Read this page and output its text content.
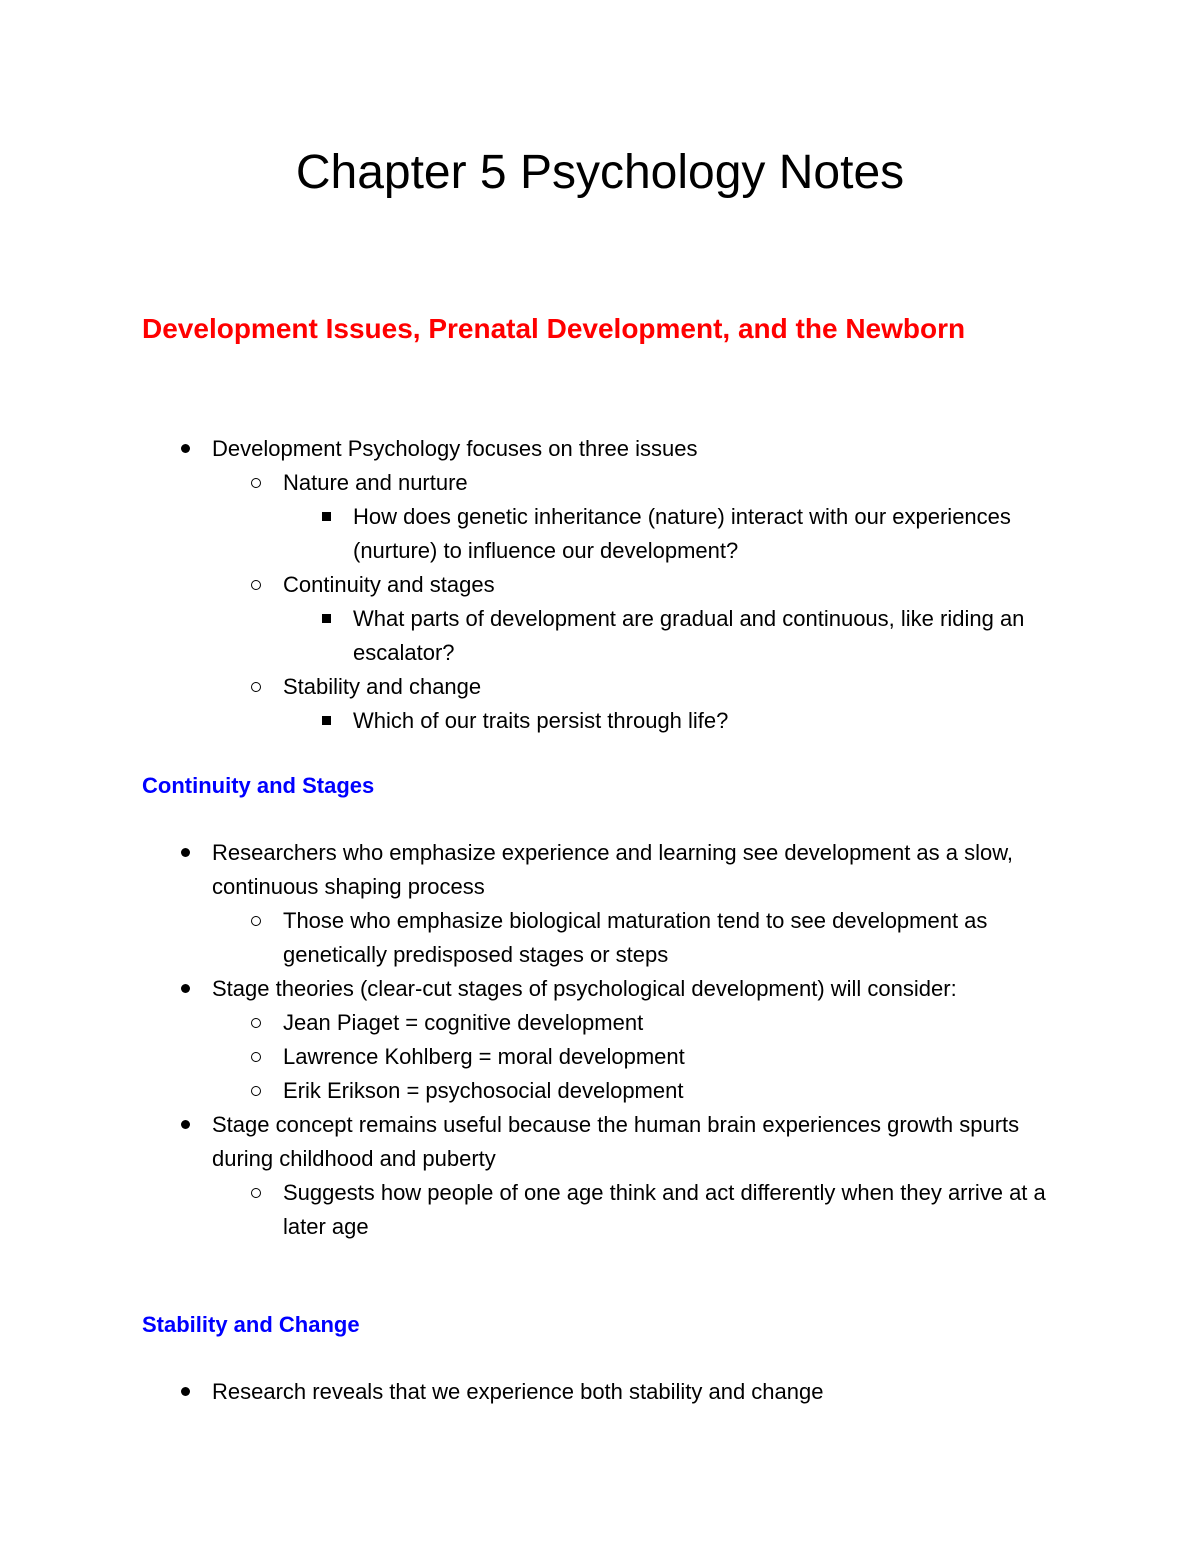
Chapter 5 Psychology Notes
Development Issues, Prenatal Development, and the Newborn
Development Psychology focuses on three issues
Nature and nurture
How does genetic inheritance (nature) interact with our experiences (nurture) to influence our development?
Continuity and stages
What parts of development are gradual and continuous, like riding an escalator?
Stability and change
Which of our traits persist through life?
Continuity and Stages
Researchers who emphasize experience and learning see development as a slow, continuous shaping process
Those who emphasize biological maturation tend to see development as genetically predisposed stages or steps
Stage theories (clear-cut stages of psychological development) will consider:
Jean Piaget = cognitive development
Lawrence Kohlberg = moral development
Erik Erikson = psychosocial development
Stage concept remains useful because the human brain experiences growth spurts during childhood and puberty
Suggests how people of one age think and act differently when they arrive at a later age
Stability and Change
Research reveals that we experience both stability and change
